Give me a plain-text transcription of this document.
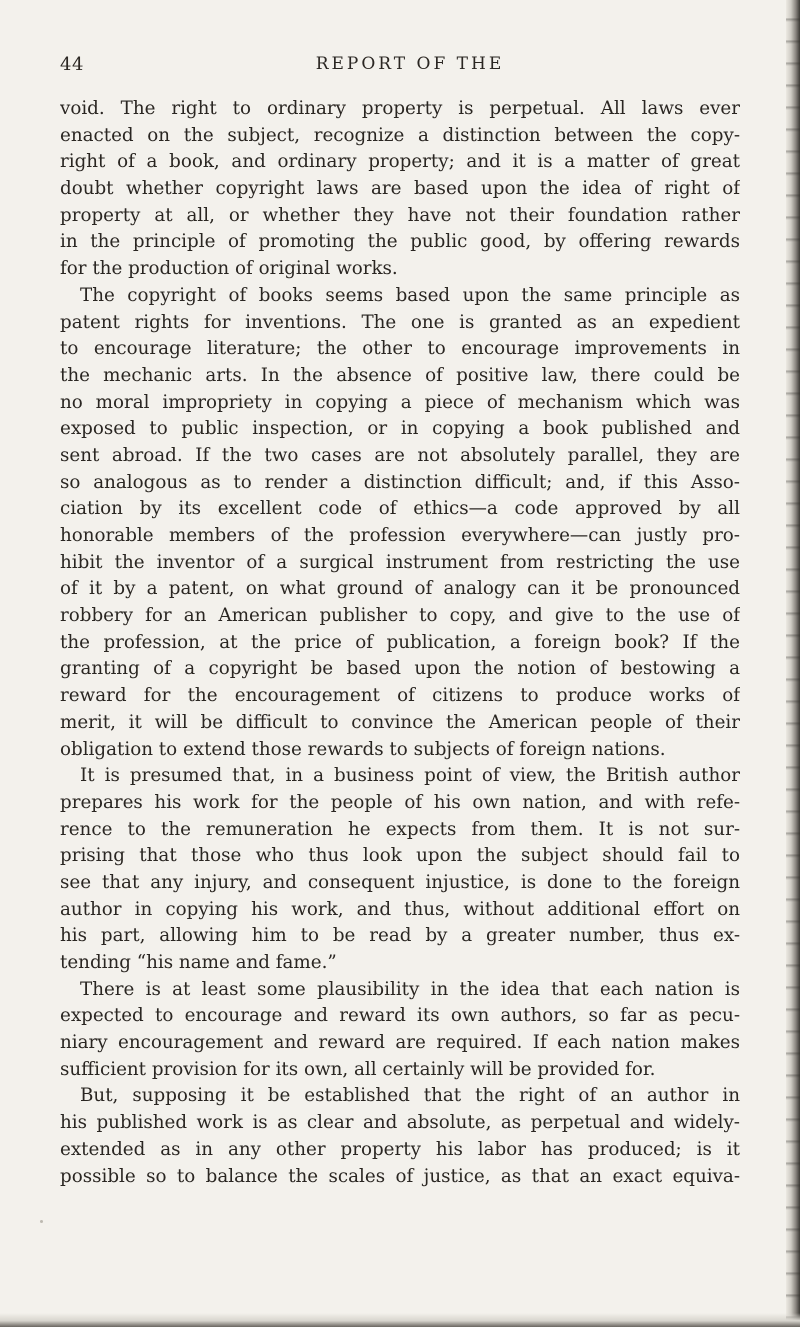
44	REPORT OF THE
void. The right to ordinary property is perpetual. All laws ever
enacted on the subject, recognize a distinction between the copy-
right of a book, and ordinary property; and it is a matter of great
doubt whether copyright laws are based upon the idea of right of
property at all, or whether they have not their foundation rather
in the principle of promoting the public good, by offering rewards
for the production of original works.
The copyright of books seems based upon the same principle as
patent rights for inventions. The one is granted as an expedient
to encourage literature; the other to encourage improvements in
the mechanic arts. In the absence of positive law, there could be
no moral impropriety in copying a piece of mechanism which was
exposed to public inspection, or in copying a book published and
sent abroad. If the two cases are not absolutely parallel, they are
so analogous as to render a distinction difficult; and, if this Asso-
ciation by its excellent code of ethics—a code approved by all
honorable members of the profession everywhere—can justly pro-
hibit the inventor of a surgical instrument from restricting the use
of it by a patent, on what ground of analogy can it be pronounced
robbery for an American publisher to copy, and give to the use of
the profession, at the price of publication, a foreign book? If the
granting of a copyright be based upon the notion of bestowing a
reward for the encouragement of citizens to produce works of
merit, it will be difficult to convince the American people of their
obligation to extend those rewards to subjects of foreign nations.
It is presumed that, in a business point of view, the British author
prepares his work for the people of his own nation, and with refe-
rence to the remuneration he expects from them. It is not sur-
prising that those who thus look upon the subject should fail to
see that any injury, and consequent injustice, is done to the foreign
author in copying his work, and thus, without additional effort on
his part, allowing him to be read by a greater number, thus ex-
tending “his name and fame.”
There is at least some plausibility in the idea that each nation is
expected to encourage and reward its own authors, so far as pecu-
niary encouragement and reward are required. If each nation makes
sufficient provision for its own, all certainly will be provided for.
But, supposing it be established that the right of an author in
his published work is as clear and absolute, as perpetual and widely-
extended as in any other property his labor has produced; is it
possible so to balance the scales of justice, as that an exact equiva-
